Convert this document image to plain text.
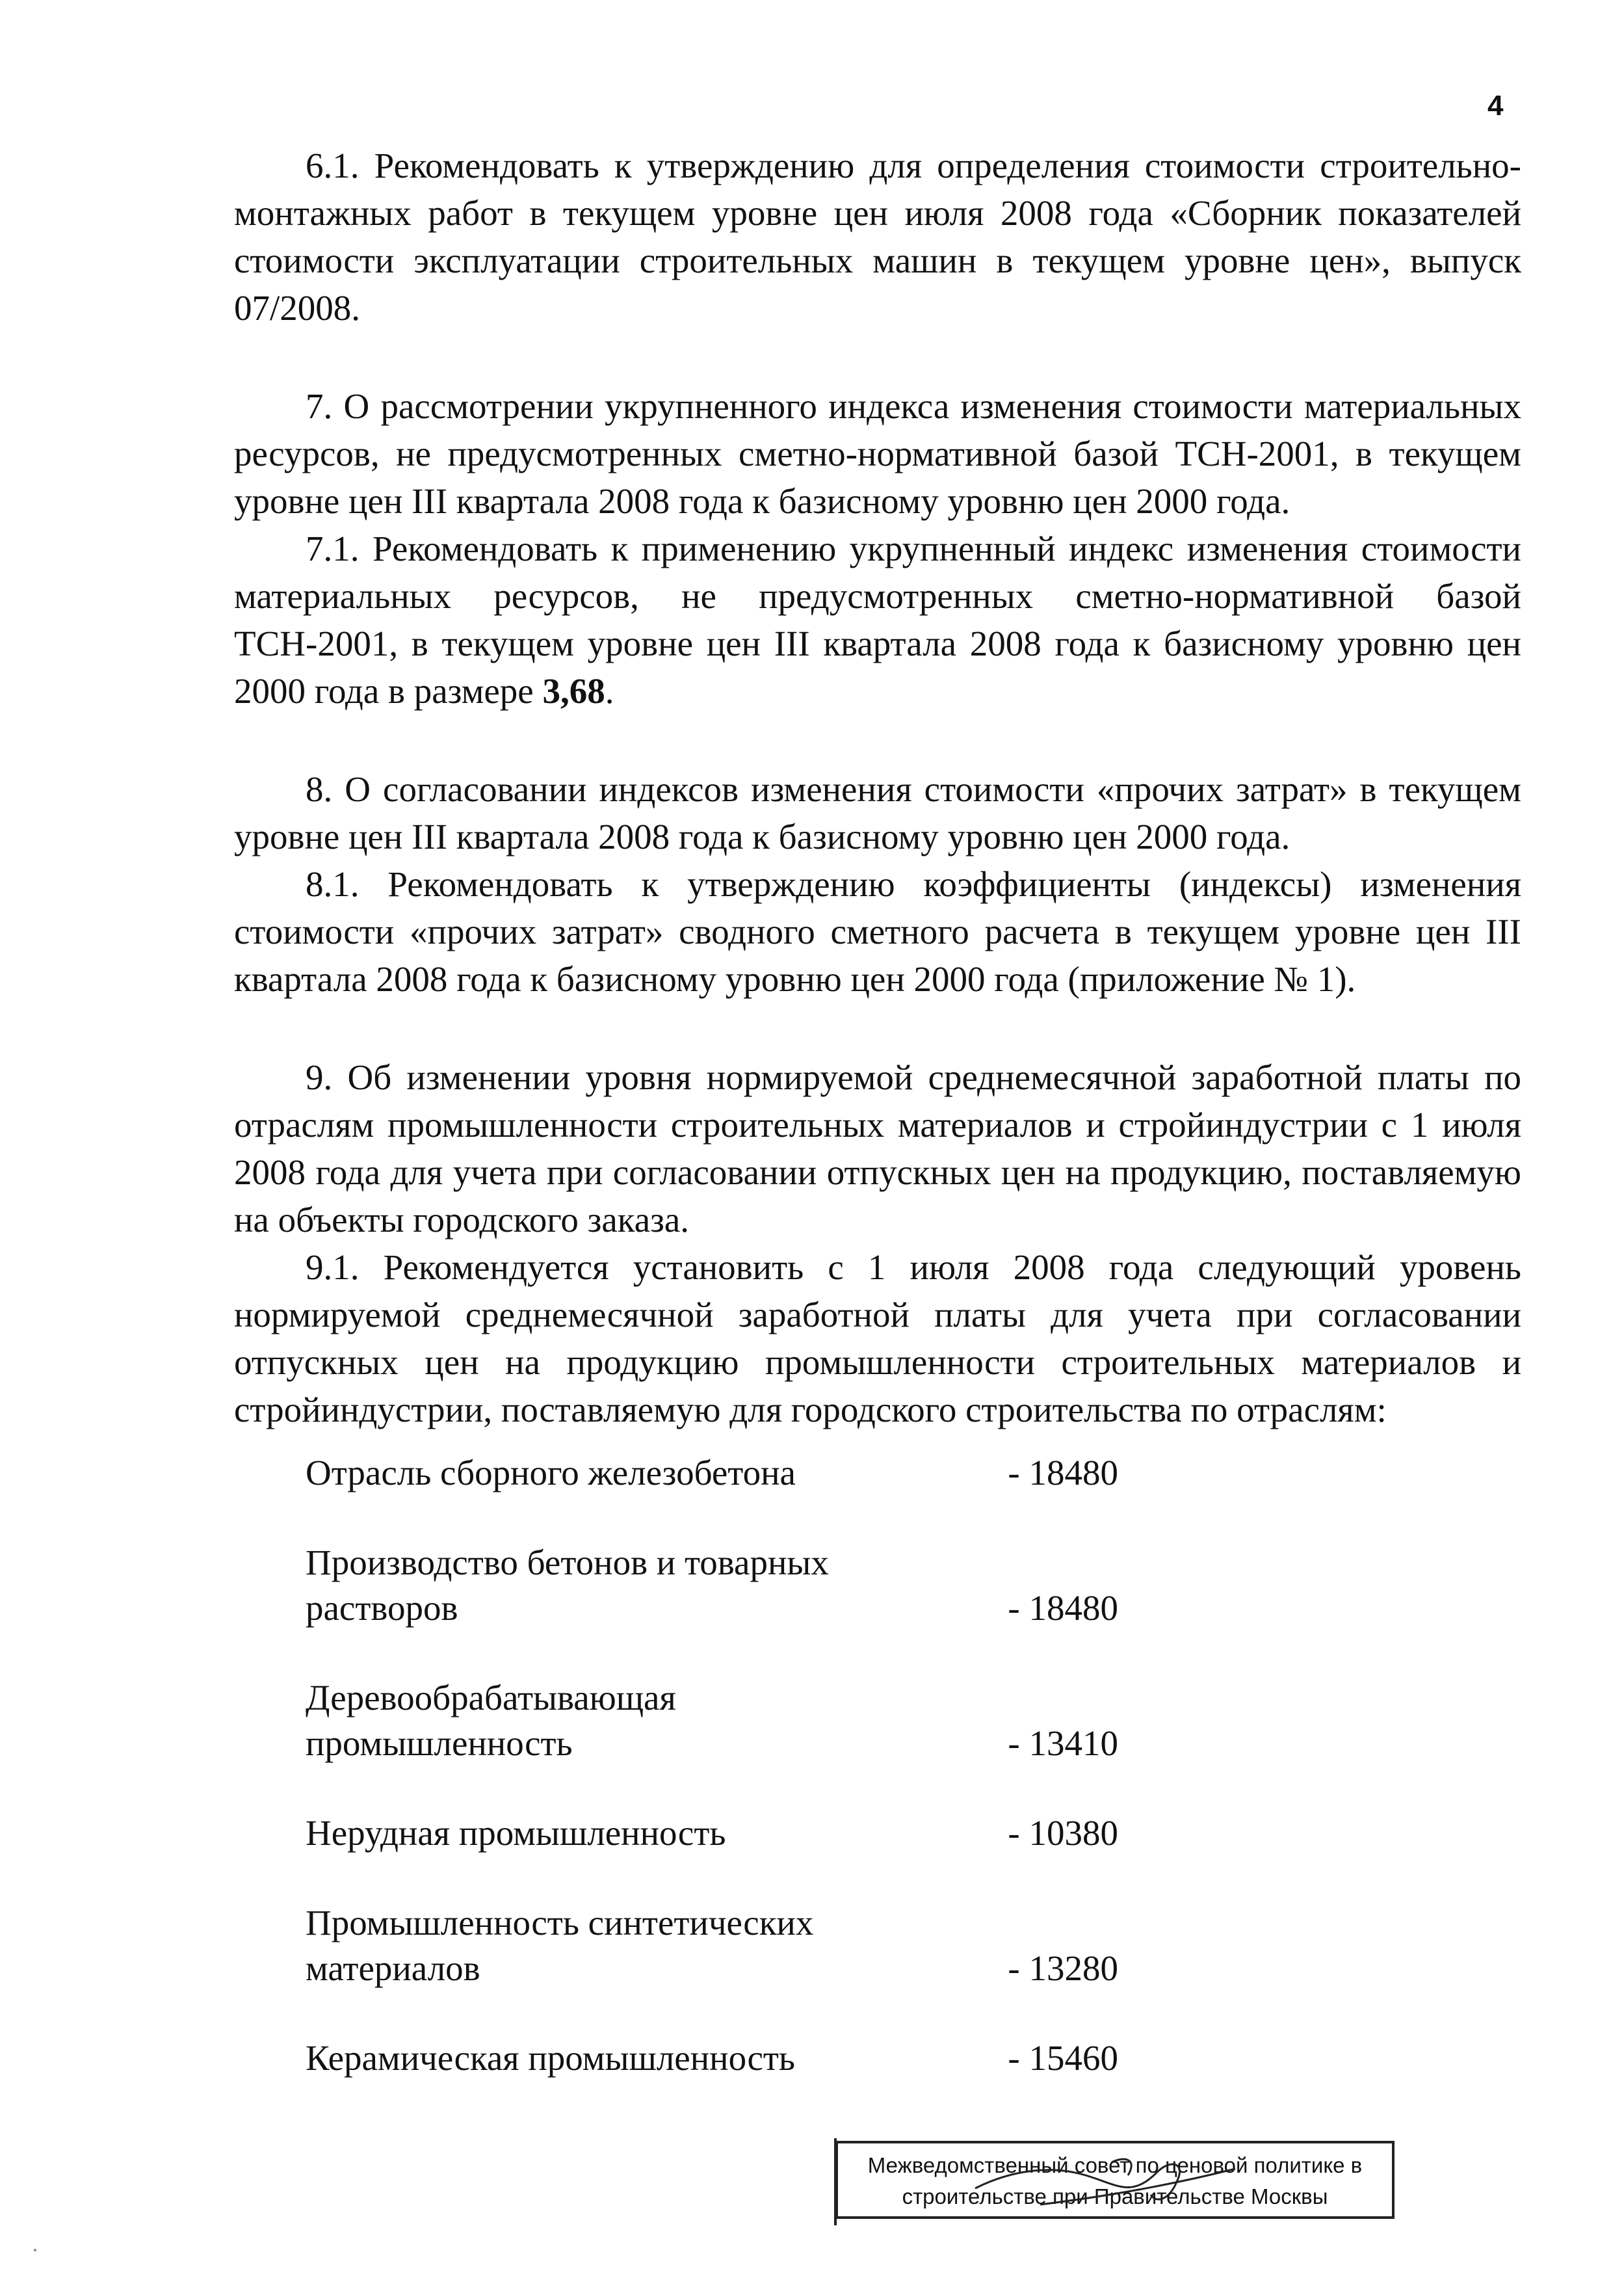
4

6.1. Рекомендовать к утверждению для определения стоимости строительно-монтажных работ в текущем уровне цен июля 2008 года «Сборник показателей стоимости эксплуатации строительных машин в текущем уровне цен», выпуск 07/2008.

7. О рассмотрении укрупненного индекса изменения стоимости материальных ресурсов, не предусмотренных сметно-нормативной базой ТСН-2001, в текущем уровне цен III квартала 2008 года к базисному уровню цен 2000 года.

7.1. Рекомендовать к применению укрупненный индекс изменения стоимости материальных ресурсов, не предусмотренных сметно-нормативной базой ТСН-2001, в текущем уровне цен III квартала 2008 года к базисному уровню цен 2000 года в размере 3,68.

8. О согласовании индексов изменения стоимости «прочих затрат» в текущем уровне цен III квартала 2008 года к базисному уровню цен 2000 года.

8.1. Рекомендовать к утверждению коэффициенты (индексы) изменения стоимости «прочих затрат» сводного сметного расчета в текущем уровне цен III квартала 2008 года к базисному уровню цен 2000 года (приложение № 1).

9. Об изменении уровня нормируемой среднемесячной заработной платы по отраслям промышленности строительных материалов и стройиндустрии с 1 июля 2008 года для учета при согласовании отпускных цен на продукцию, поставляемую на объекты городского заказа.

9.1. Рекомендуется установить с 1 июля 2008 года следующий уровень нормируемой среднемесячной заработной платы для учета при согласовании отпускных цен на продукцию промышленности строительных материалов и стройиндустрии, поставляемую для городского строительства по отраслям:

Отрасль сборного железобетона	- 18480
Производство бетонов и товарных
растворов	- 18480
Деревообрабатывающая
промышленность	- 13410
Нерудная промышленность	- 10380
Промышленность синтетических
материалов	- 13280
Керамическая промышленность	- 15460
Межведомственный совет по ценовой политике в
строительстве при Правительстве Москвы
